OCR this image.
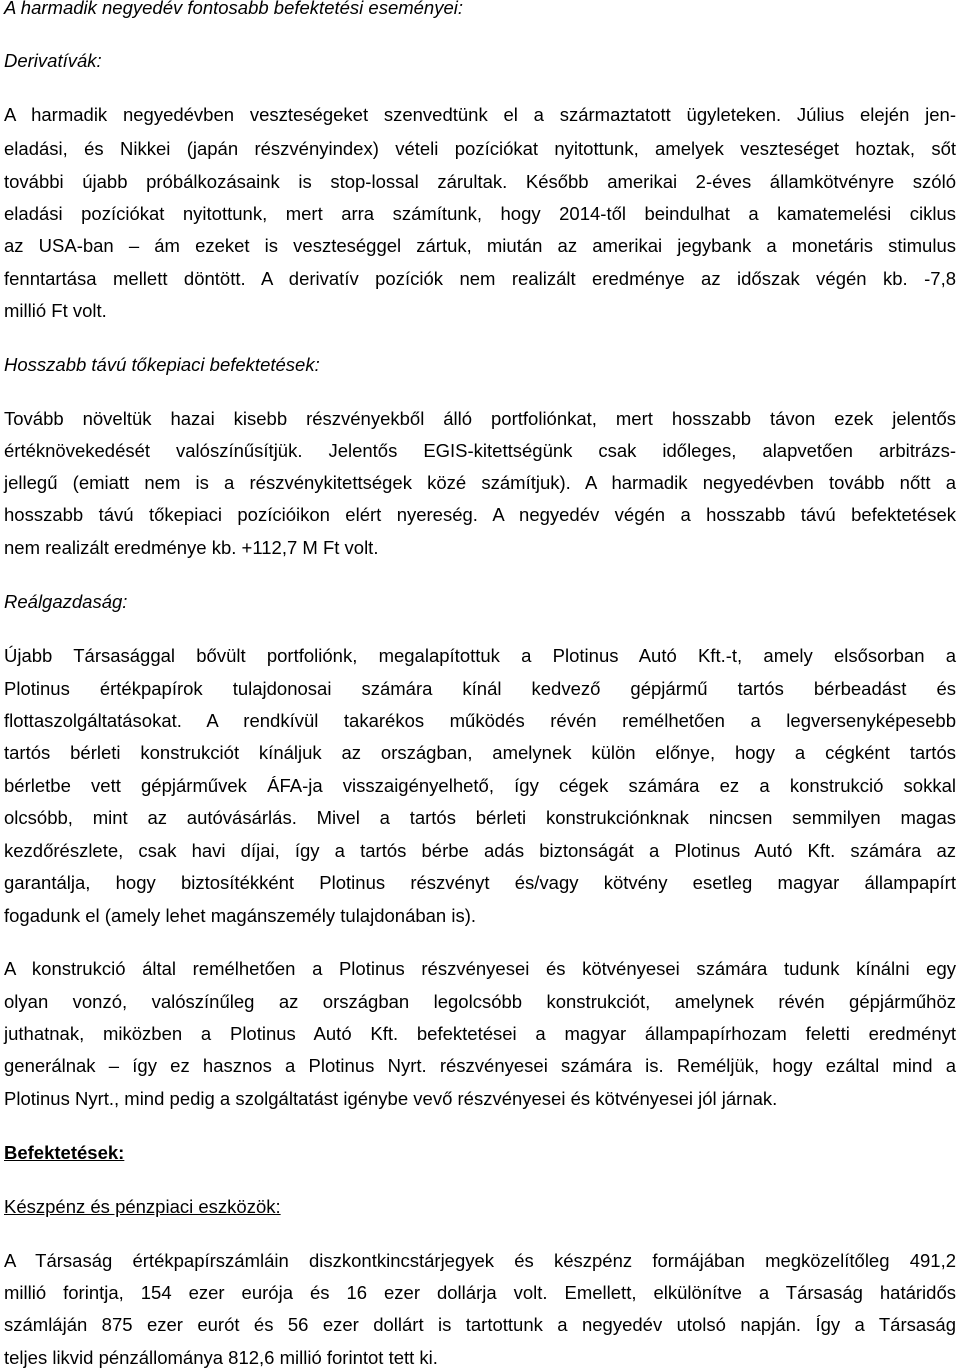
A harmadik negyedév fontosabb befektetési eseményei:
Derivatívák:
A harmadik negyedévben veszteségeket szenvedtünk el a származtatott ügyleteken. Július elején jen-
eladási, és Nikkei (japán részvényindex) vételi pozíciókat nyitottunk, amelyek veszteséget hoztak, sőt
további újabb próbálkozásaink is stop-lossal zárultak. Később amerikai 2-éves államkötvényre szóló
eladási pozíciókat nyitottunk, mert arra számítunk, hogy 2014-től beindulhat a kamatemelési ciklus
az USA-ban – ám ezeket is veszteséggel zártuk, miután az amerikai jegybank a monetáris stimulus
fenntartása mellett döntött. A derivatív pozíciók nem realizált eredménye az időszak végén kb. -7,8
millió Ft volt.
Hosszabb távú tőkepiaci befektetések:
Tovább növeltük hazai kisebb részvényekből álló portfoliónkat, mert hosszabb távon ezek jelentős
értéknövekedését valószínűsítjük. Jelentős EGIS-kitettségünk csak időleges, alapvetően arbitrázs-
jellegű (emiatt nem is a részvénykitettségek közé számítjuk). A harmadik negyedévben tovább nőtt a
hosszabb távú tőkepiaci pozícióikon elért nyereség. A negyedév végén a hosszabb távú befektetések
nem realizált eredménye kb. +112,7 M Ft volt.
Reálgazdaság:
Újabb Társasággal bővült portfoliónk, megalapítottuk a Plotinus Autó Kft.-t, amely elsősorban a
Plotinus értékpapírok tulajdonosai számára kínál kedvező gépjármű tartós bérbeadást és
flottaszolgáltatásokat. A rendkívül takarékos működés révén remélhetően a legversenyképesebb
tartós bérleti konstrukciót kínáljuk az országban, amelynek külön előnye, hogy a cégként tartós
bérletbe vett gépjárművek ÁFA-ja visszaigényelhető, így cégek számára ez a konstrukció sokkal
olcsóbb, mint az autóvásárlás. Mivel a tartós bérleti konstrukciónknak nincsen semmilyen magas
kezdőrészlete, csak havi díjai, így a tartós bérbe adás biztonságát a Plotinus Autó Kft. számára az
garantálja, hogy biztosítékként Plotinus részvényt és/vagy kötvény esetleg magyar állampapírt
fogadunk el (amely lehet magánszemély tulajdonában is).
A konstrukció által remélhetően a Plotinus részvényesei és kötvényesei számára tudunk kínálni egy
olyan vonzó, valószínűleg az országban legolcsóbb konstrukciót, amelynek révén gépjárműhöz
juthatnak, miközben a Plotinus Autó Kft. befektetései a magyar állampapírhozam feletti eredményt
generálnak – így ez hasznos a Plotinus Nyrt. részvényesei számára is. Reméljük, hogy ezáltal mind a
Plotinus Nyrt., mind pedig a szolgáltatást igénybe vevő részvényesei és kötvényesei jól járnak.
Befektetések:
Készpénz és pénzpiaci eszközök:
A Társaság értékpapírszámláin diszkontkincstárjegyek és készpénz formájában megközelítőleg 491,2
millió forintja, 154 ezer eurója és 16 ezer dollárja volt. Emellett, elkülönítve a Társaság határidős
számláján 875 ezer eurót és 56 ezer dollárt is tartottunk a negyedév utolsó napján. Így a Társaság
teljes likvid pénzállománya 812,6 millió forintot tett ki.
